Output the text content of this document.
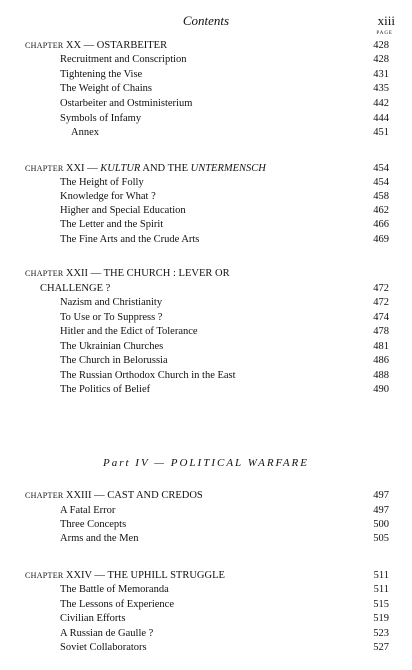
Contents	xiii
PAGE
CHAPTER XX — OSTARBEITER	428
Recruitment and Conscription	428
Tightening the Vise	431
The Weight of Chains	435
Ostarbeiter and Ostministerium	442
Symbols of Infamy	444
Annex	451
CHAPTER XXI — KULTUR AND THE UNTERMENSCH	454
The Height of Folly	454
Knowledge for What ?	458
Higher and Special Education	462
The Letter and the Spirit	466
The Fine Arts and the Crude Arts	469
CHAPTER XXII — THE CHURCH : LEVER OR
CHALLENGE ?	472
Nazism and Christianity	472
To Use or To Suppress ?	474
Hitler and the Edict of Tolerance	478
The Ukrainian Churches	481
The Church in Belorussia	486
The Russian Orthodox Church in the East	488
The Politics of Belief	490
CHAPTER XXIII — CAST AND CREDOS	497
A Fatal Error	497
Three Concepts	500
Arms and the Men	505
CHAPTER XXIV — THE UPHILL STRUGGLE	511
The Battle of Memoranda	511
The Lessons of Experience	515
Civilian Efforts	519
A Russian de Gaulle ?	523
Soviet Collaborators	527
Part IV — POLITICAL WARFARE
